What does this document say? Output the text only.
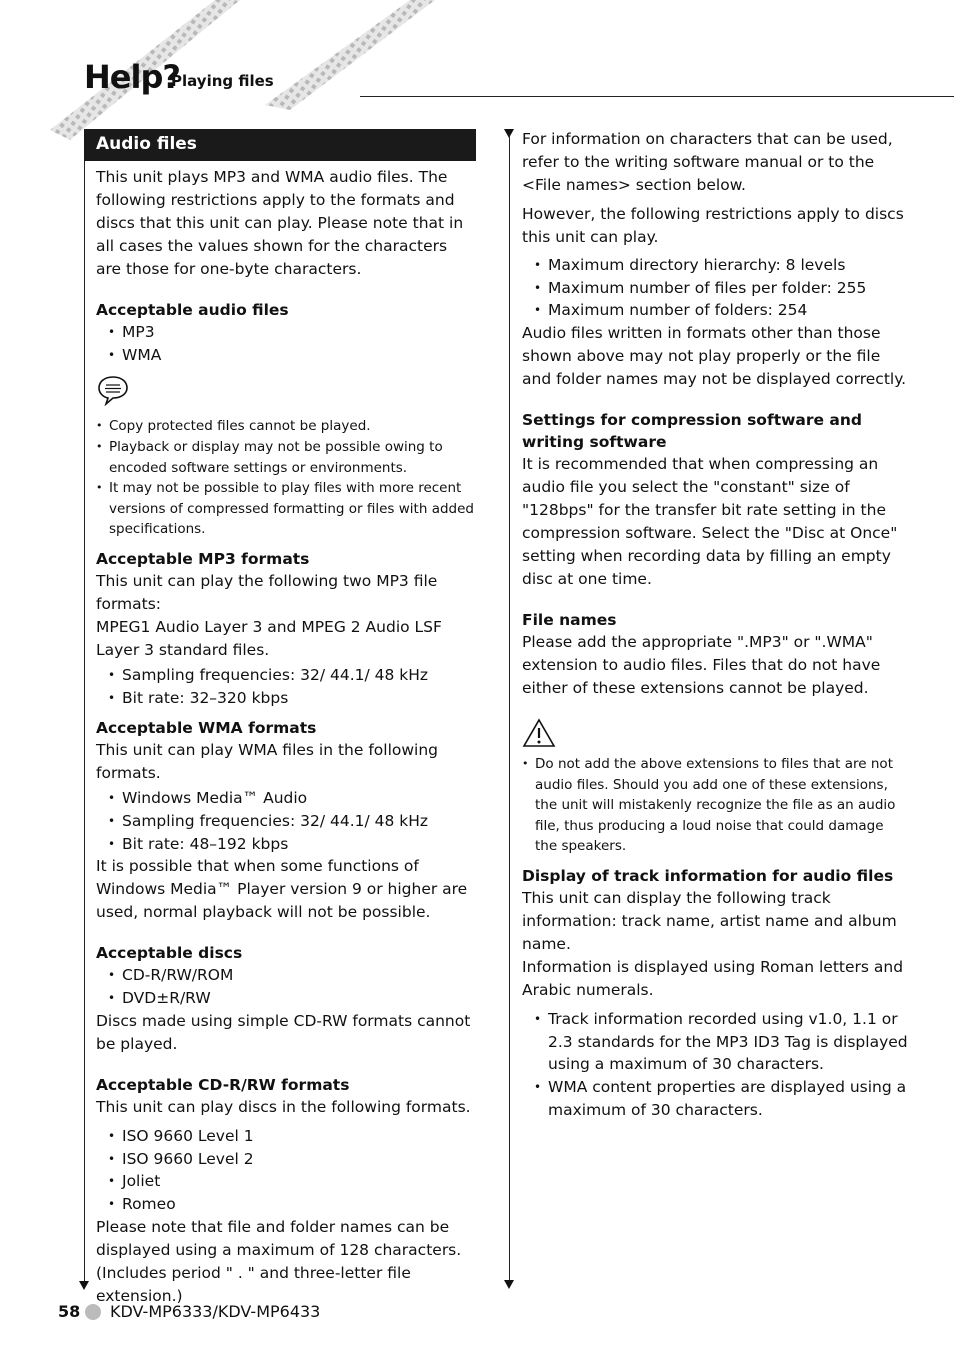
Help?
Playing files
Audio files

This unit plays MP3 and WMA audio files. The following restrictions apply to the formats and discs that this unit can play. Please note that in all cases the values shown for the characters are those for one-byte characters.

Acceptable audio files
• MP3
• WMA
• Copy protected files cannot be played.
• Playback or display may not be possible owing to encoded software settings or environments.
• It may not be possible to play files with more recent versions of compressed formatting or files with added specifications.
Acceptable MP3 formats

This unit can play the following two MP3 file formats:

MPEG1 Audio Layer 3 and MPEG 2 Audio LSF Layer 3 standard files.

• Sampling frequencies: 32/ 44.1/ 48 kHz
• Bit rate: 32–320 kbps
Acceptable WMA formats

This unit can play WMA files in the following formats.

• Windows Media™ Audio
• Sampling frequencies: 32/ 44.1/ 48 kHz
• Bit rate: 48–192 kbps

It is possible that when some functions of Windows Media™ Player version 9 or higher are used, normal playback will not be possible.

Acceptable discs
• CD-R/RW/ROM
• DVD±R/RW

Discs made using simple CD-RW formats cannot be played.

Acceptable CD-R/RW formats

This unit can play discs in the following formats.

• ISO 9660 Level 1
• ISO 9660 Level 2
• Joliet
• Romeo

Please note that file and folder names can be displayed using a maximum of 128 characters. (Includes period " . " and three-letter file extension.)

For information on characters that can be used, refer to the writing software manual or to the <File names> section below.

However, the following restrictions apply to discs this unit can play.

• Maximum directory hierarchy: 8 levels
• Maximum number of files per folder: 255
• Maximum number of folders: 254

Audio files written in formats other than those shown above may not play properly or the file and folder names may not be displayed correctly.

Settings for compression software and writing software

It is recommended that when compressing an audio file you select the "constant" size of "128bps" for the transfer bit rate setting in the compression software. Select the "Disc at Once" setting when recording data by filling an empty disc at one time.

File names

Please add the appropriate ".MP3" or ".WMA" extension to audio files. Files that do not have either of these extensions cannot be played.

• Do not add the above extensions to files that are not audio files. Should you add one of these extensions, the unit will mistakenly recognize the file as an audio file, thus producing a loud noise that could damage the speakers.
Display of track information for audio files

This unit can display the following track information: track name, artist name and album name.

Information is displayed using Roman letters and Arabic numerals.

• Track information recorded using v1.0, 1.1 or 2.3 standards for the MP3 ID3 Tag is displayed using a maximum of 30 characters.
• WMA content properties are displayed using a maximum of 30 characters.
58 KDV-MP6333/KDV-MP6433
